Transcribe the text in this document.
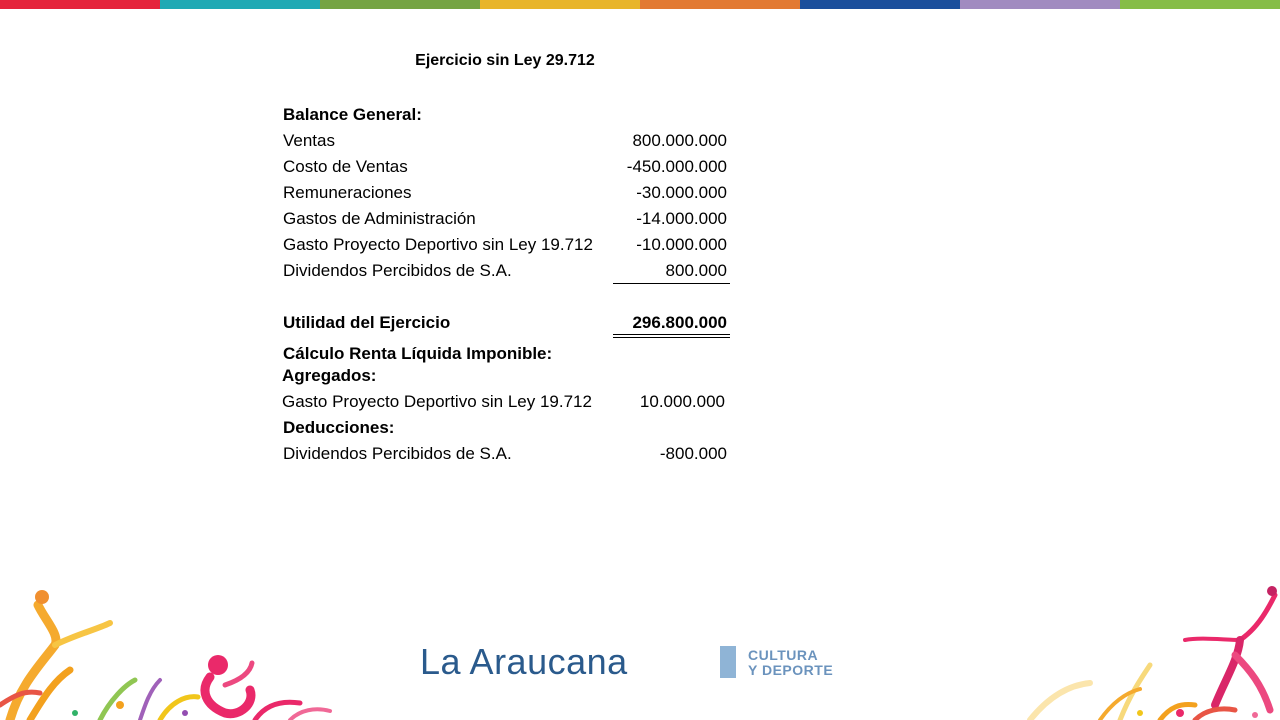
Ejercicio sin Ley 29.712
Balance General:
Ventas	800.000.000
Costo de Ventas	-450.000.000
Remuneraciones	-30.000.000
Gastos de Administración	-14.000.000
Gasto Proyecto Deportivo sin Ley 19.712	-10.000.000
Dividendos Percibidos de S.A.	800.000
Utilidad del Ejercicio	296.800.000
Cálculo Renta Líquida Imponible:
Agregados:
Gasto Proyecto Deportivo sin Ley 19.712	10.000.000
Deducciones:
Dividendos Percibidos de S.A.	-800.000
La Araucana	CULTURA
Y DEPORTE
